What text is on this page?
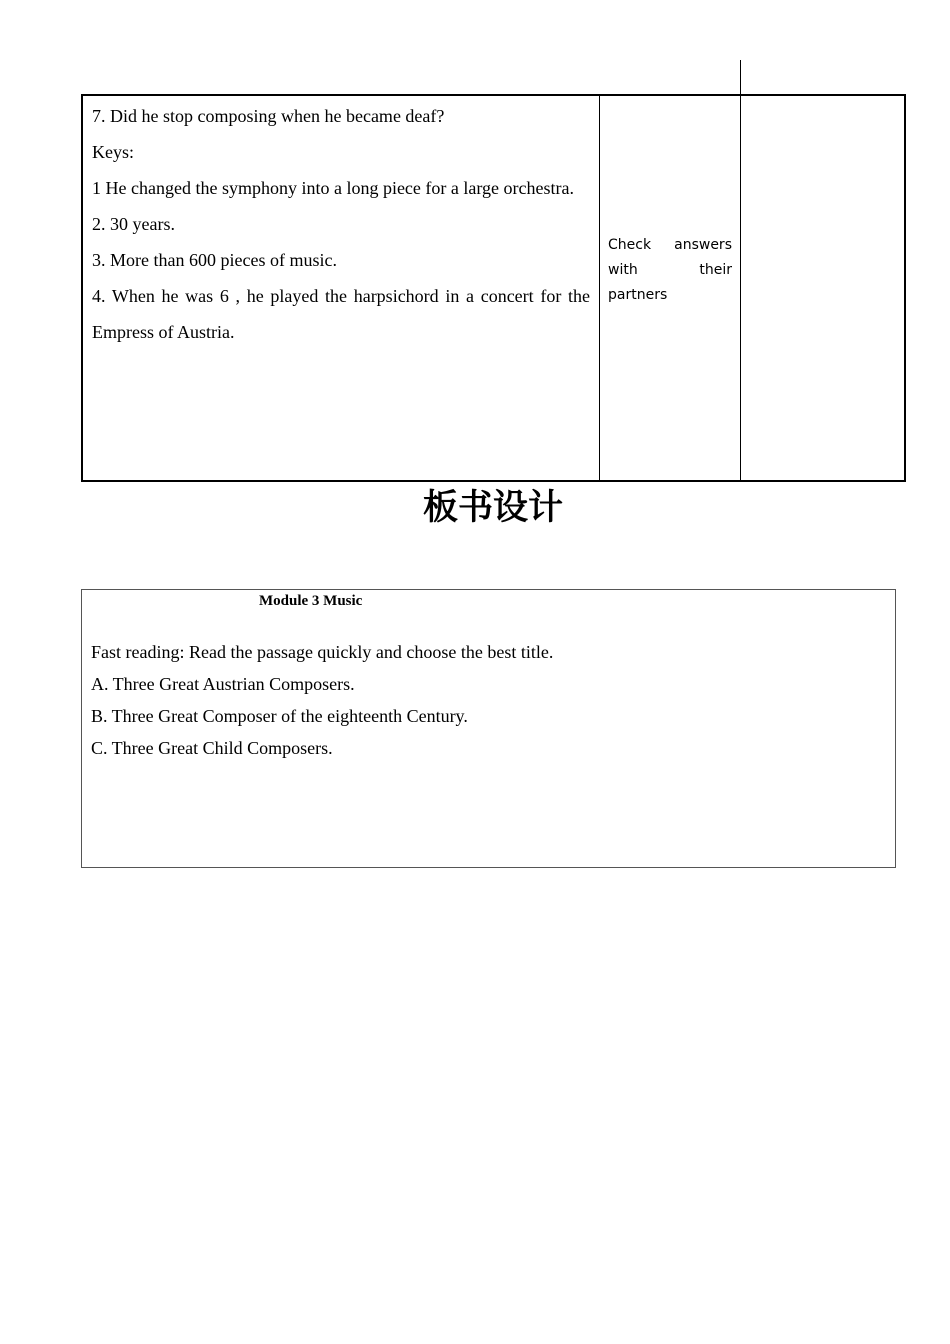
7. Did he stop composing when he became deaf?

Keys:

1 He changed the symphony into a long piece for a large orchestra.

2. 30 years.

3. More than 600 pieces of music.

4. When he was 6 , he played the harpsichord in a concert for the Empress of Austria.

Check answers with their partners
板书设计
Module 3 Music

Fast reading: Read the passage quickly and choose the best title.

A. Three Great Austrian Composers.

B. Three Great Composer of the eighteenth Century.

C. Three Great Child Composers.
